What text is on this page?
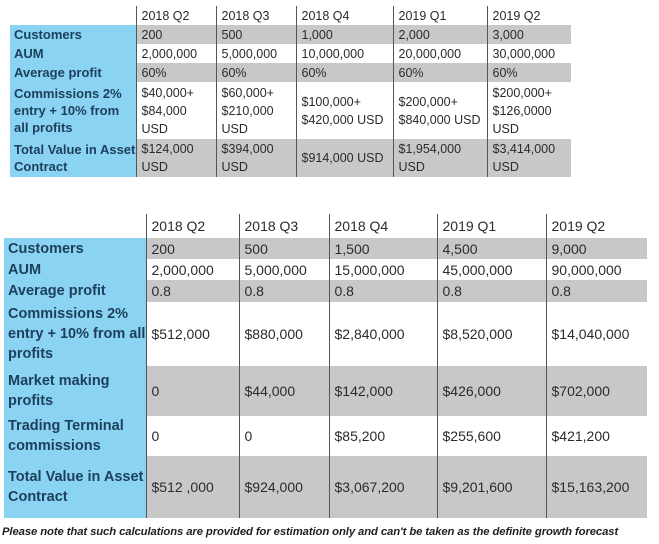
	2018 Q2	2018 Q3	2018 Q4	2019 Q1	2019 Q2
Customers	200	500	1,000	2,000	3,000
AUM	2,000,000	5,000,000	10,000,000	20,000,000	30,000,000
Average profit	60%	60%	60%	60%	60%
Commissions 2% entry + 10% from all profits	$40,000+ $84,000 USD	$60,000+ $210,000 USD	$100,000+ $420,000 USD	$200,000+ $840,000 USD	$200,000+ $126,0000 USD
Total Value in Asset Contract	$124,000 USD	$394,000 USD	$914,000 USD	$1,954,000 USD	$3,414,000 USD
	2018 Q2	2018 Q3	2018 Q4	2019 Q1	2019 Q2
Customers	200	500	1,500	4,500	9,000
AUM	2,000,000	5,000,000	15,000,000	45,000,000	90,000,000
Average profit	0.8	0.8	0.8	0.8	0.8
Commissions 2% entry + 10% from all profits	$512,000	$880,000	$2,840,000	$8,520,000	$14,040,000
Market making profits	0	$44,000	$142,000	$426,000	$702,000
Trading Terminal commissions	0	0	$85,200	$255,600	$421,200
Total Value in Asset Contract	$512 ,000	$924,000	$3,067,200	$9,201,600	$15,163,200
Please note that such calculations are provided for estimation only and can't be taken as the definite growth forecast
